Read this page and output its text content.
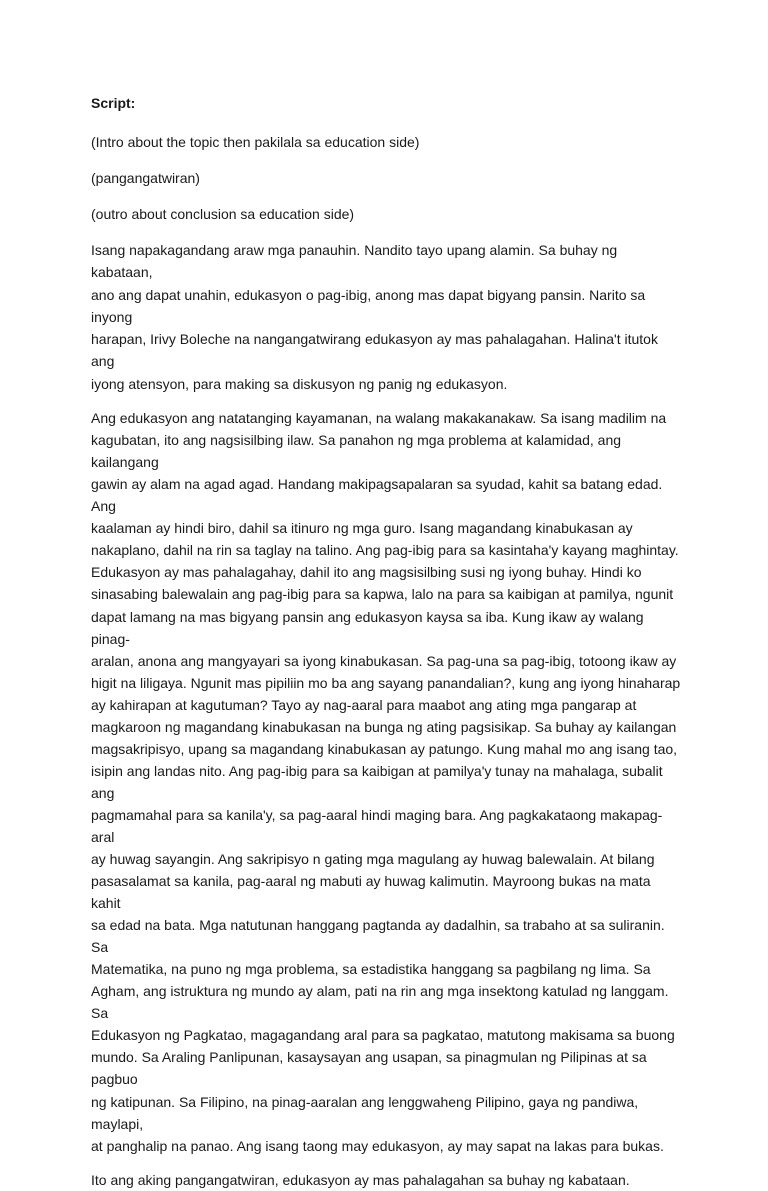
Script:

(Intro about the topic then pakilala sa education side)

(pangangatwiran)

(outro about conclusion sa education side)

Isang napakagandang araw mga panauhin. Nandito tayo upang alamin. Sa buhay ng kabataan,
ano ang dapat unahin, edukasyon o pag-ibig, anong mas dapat bigyang pansin. Narito sa inyong
harapan, Irivy Boleche na nangangatwirang edukasyon ay mas pahalagahan. Halina't itutok ang
iyong atensyon, para making sa diskusyon ng panig ng edukasyon.

Ang edukasyon ang natatanging kayamanan, na walang makakanakaw. Sa isang madilim na
kagubatan, ito ang nagsisilbing ilaw. Sa panahon ng mga problema at kalamidad, ang kailangang
gawin ay alam na agad agad. Handang makipagsapalaran sa syudad, kahit sa batang edad. Ang
kaalaman ay hindi biro, dahil sa itinuro ng mga guro. Isang magandang kinabukasan ay
nakaplano, dahil na rin sa taglay na talino. Ang pag-ibig para sa kasintaha'y kayang maghintay.
Edukasyon ay mas pahalagahay, dahil ito ang magsisilbing susi ng iyong buhay. Hindi ko
sinasabing balewalain ang pag-ibig para sa kapwa, lalo na para sa kaibigan at pamilya, ngunit
dapat lamang na mas bigyang pansin ang edukasyon kaysa sa iba. Kung ikaw ay walang pinag-
aralan, anona ang mangyayari sa iyong kinabukasan. Sa pag-una sa pag-ibig, totoong ikaw ay
higit na liligaya. Ngunit mas pipiliin mo ba ang sayang panandalian?, kung ang iyong hinaharap
ay kahirapan at kagutuman? Tayo ay nag-aaral para maabot ang ating mga pangarap at
magkaroon ng magandang kinabukasan na bunga ng ating pagsisikap. Sa buhay ay kailangan
magsakripisyo, upang sa magandang kinabukasan ay patungo. Kung mahal mo ang isang tao,
isipin ang landas nito. Ang pag-ibig para sa kaibigan at pamilya'y tunay na mahalaga, subalit ang
pagmamahal para sa kanila'y, sa pag-aaral hindi maging bara. Ang pagkakataong makapag-aral
ay huwag sayangin. Ang sakripisyo n gating mga magulang ay huwag balewalain. At bilang
pasasalamat sa kanila, pag-aaral ng mabuti ay huwag kalimutin. Mayroong bukas na mata kahit
sa edad na bata. Mga natutunan hanggang pagtanda ay dadalhin, sa trabaho at sa suliranin. Sa
Matematika, na puno ng mga problema, sa estadistika hanggang sa pagbilang ng lima. Sa
Agham, ang istruktura ng mundo ay alam, pati na rin ang mga insektong katulad ng langgam. Sa
Edukasyon ng Pagkatao, magagandang aral para sa pagkatao, matutong makisama sa buong
mundo. Sa Araling Panlipunan, kasaysayan ang usapan, sa pinagmulan ng Pilipinas at sa pagbuo
ng katipunan. Sa Filipino, na pinag-aaralan ang lenggwaheng Pilipino, gaya ng pandiwa, maylapi,
at panghalip na panao. Ang isang taong may edukasyon, ay may sapat na lakas para bukas.

Ito ang aking pangangatwiran, edukasyon ay mas pahalagahan sa buhay ng kabataan.
